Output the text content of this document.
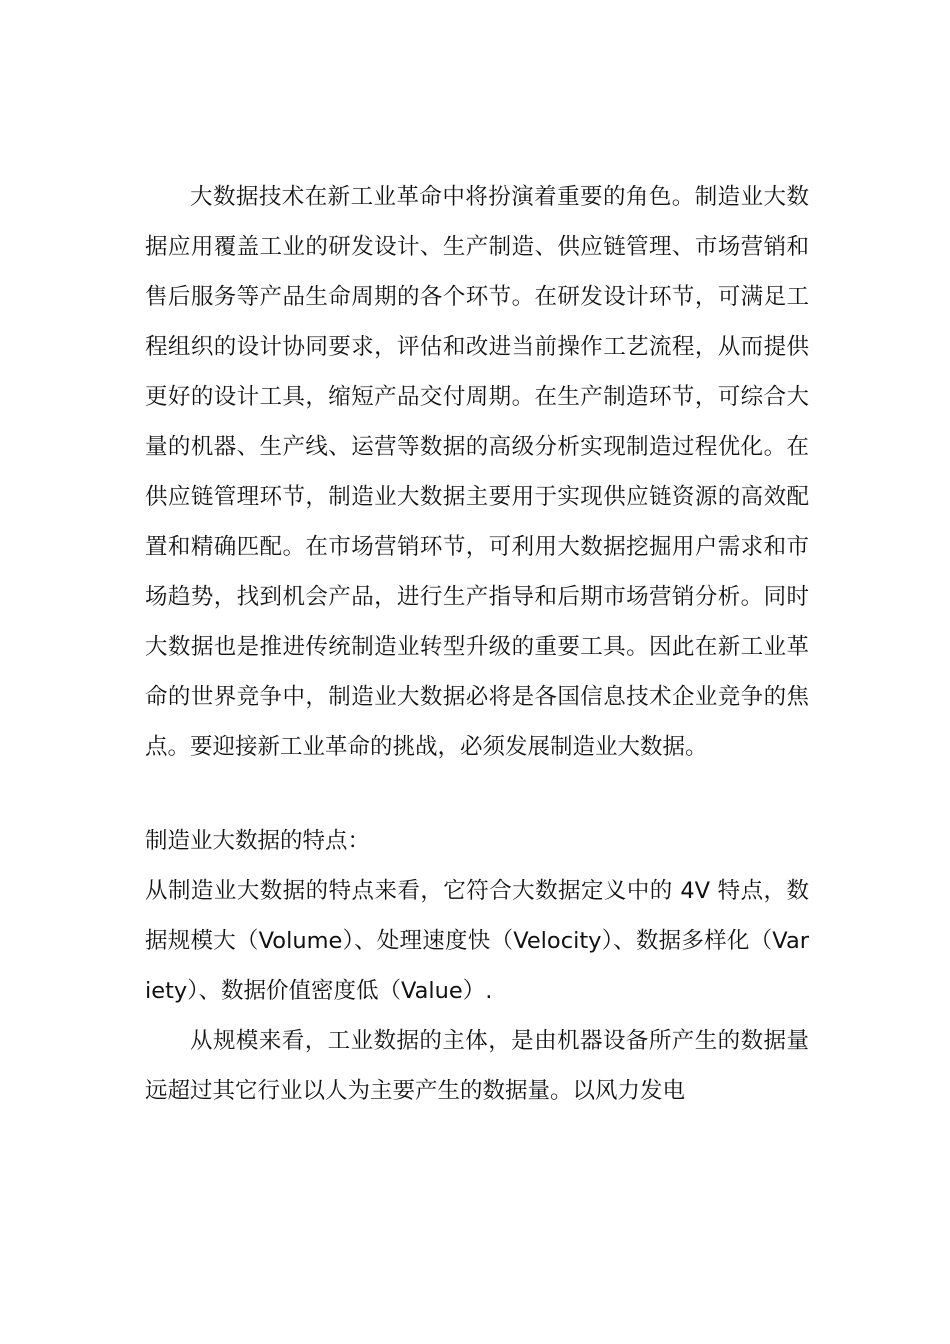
大数据技术在新工业革命中将扮演着重要的角色。制造业大数据应用覆盖工业的研发设计、生产制造、供应链管理、市场营销和售后服务等产品生命周期的各个环节。在研发设计环节，可满足工程组织的设计协同要求，评估和改进当前操作工艺流程，从而提供更好的设计工具，缩短产品交付周期。在生产制造环节，可综合大量的机器、生产线、运营等数据的高级分析实现制造过程优化。在供应链管理环节，制造业大数据主要用于实现供应链资源的高效配置和精确匹配。在市场营销环节，可利用大数据挖掘用户需求和市场趋势，找到机会产品，进行生产指导和后期市场营销分析。同时大数据也是推进传统制造业转型升级的重要工具。因此在新工业革命的世界竞争中，制造业大数据必将是各国信息技术企业竞争的焦点。要迎接新工业革命的挑战，必须发展制造业大数据。

制造业大数据的特点：

从制造业大数据的特点来看，它符合大数据定义中的 4V 特点，数据规模大（Volume）、处理速度快（Velocity）、数据多样化（Variety）、数据价值密度低（Value）.

从规模来看，工业数据的主体，是由机器设备所产生的数据量远超过其它行业以人为主要产生的数据量。以风力发电
